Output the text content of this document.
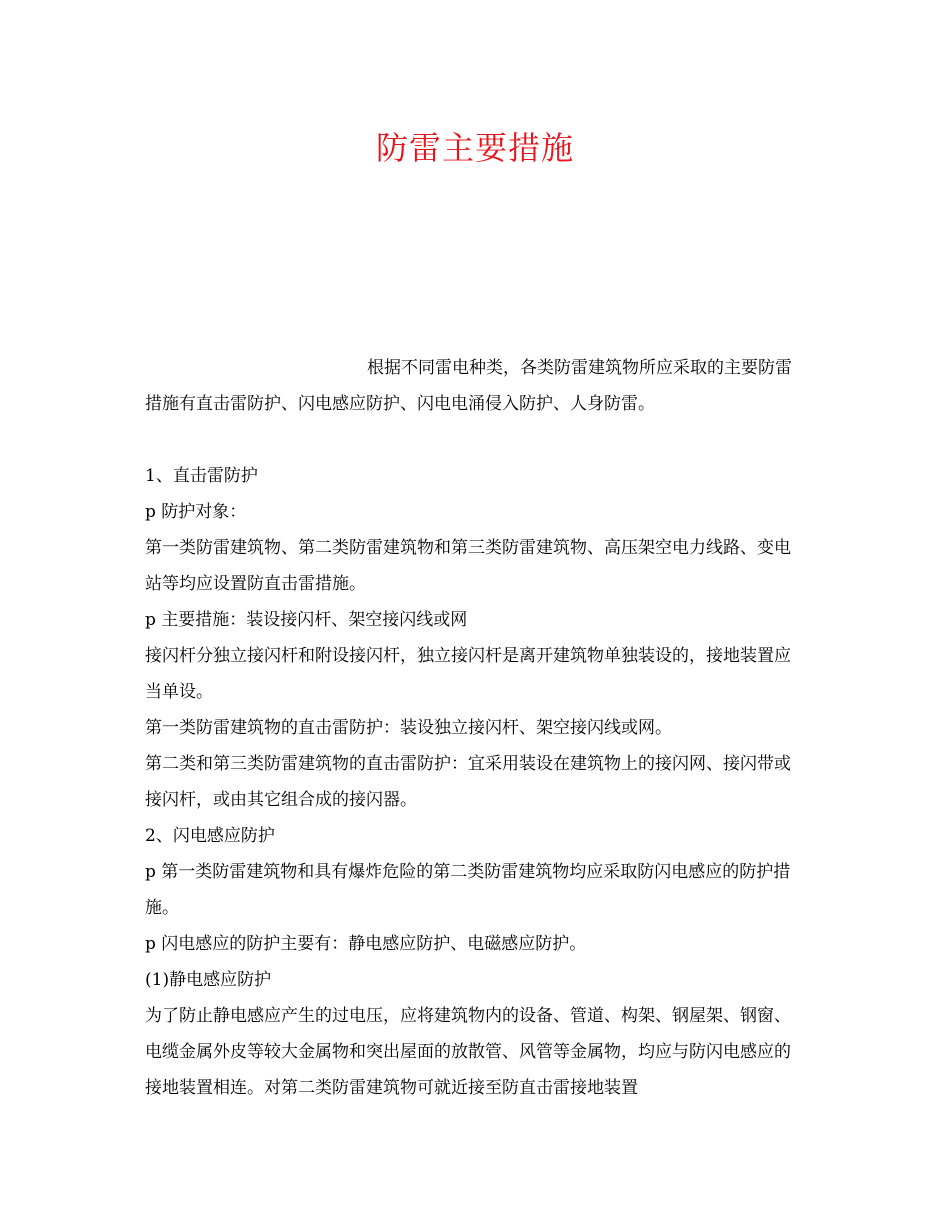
防雷主要措施

根据不同雷电种类，各类防雷建筑物所应采取的主要防雷措施有直击雷防护、闪电感应防护、闪电电涌侵入防护、人身防雷。

1、直击雷防护

p 防护对象：

第一类防雷建筑物、第二类防雷建筑物和第三类防雷建筑物、高压架空电力线路、变电站等均应设置防直击雷措施。

p 主要措施：装设接闪杆、架空接闪线或网

接闪杆分独立接闪杆和附设接闪杆，独立接闪杆是离开建筑物单独装设的，接地装置应当单设。

第一类防雷建筑物的直击雷防护：装设独立接闪杆、架空接闪线或网。

第二类和第三类防雷建筑物的直击雷防护：宜采用装设在建筑物上的接闪网、接闪带或接闪杆，或由其它组合成的接闪器。

2、闪电感应防护

p 第一类防雷建筑物和具有爆炸危险的第二类防雷建筑物均应采取防闪电感应的防护措施。

p 闪电感应的防护主要有：静电感应防护、电磁感应防护。

(1)静电感应防护

为了防止静电感应产生的过电压，应将建筑物内的设备、管道、构架、钢屋架、钢窗、电缆金属外皮等较大金属物和突出屋面的放散管、风管等金属物，均应与防闪电感应的接地装置相连。对第二类防雷建筑物可就近接至防直击雷接地装置
